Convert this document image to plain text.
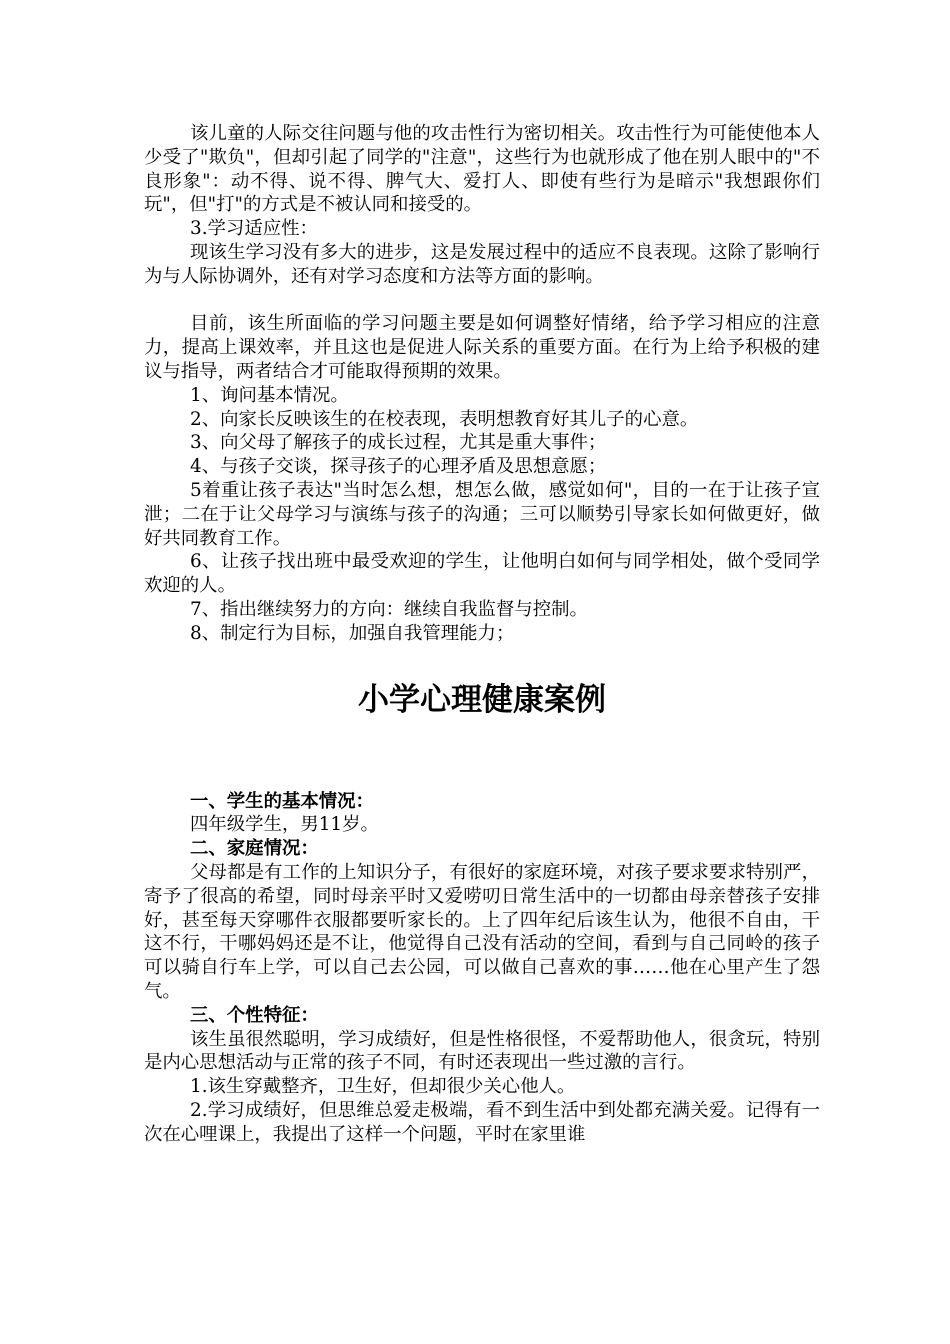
该儿童的人际交往问题与他的攻击性行为密切相关。攻击性行为可能使他本人少受了"欺负"，但却引起了同学的"注意"，这些行为也就形成了他在别人眼中的"不良形象"：动不得、说不得、脾气大、爱打人、即使有些行为是暗示"我想跟你们玩"，但"打"的方式是不被认同和接受的。

3.学习适应性：

现该生学习没有多大的进步，这是发展过程中的适应不良表现。这除了影响行为与人际协调外，还有对学习态度和方法等方面的影响。

目前，该生所面临的学习问题主要是如何调整好情绪，给予学习相应的注意力，提高上课效率，并且这也是促进人际关系的重要方面。在行为上给予积极的建议与指导，两者结合才可能取得预期的效果。

1、询问基本情况。

2、向家长反映该生的在校表现，表明想教育好其儿子的心意。

3、向父母了解孩子的成长过程，尤其是重大事件；

4、与孩子交谈，探寻孩子的心理矛盾及思想意愿；

5着重让孩子表达"当时怎么想，想怎么做，感觉如何"，目的一在于让孩子宣泄；二在于让父母学习与演练与孩子的沟通；三可以顺势引导家长如何做更好，做好共同教育工作。

6、让孩子找出班中最受欢迎的学生，让他明白如何与同学相处，做个受同学欢迎的人。

7、指出继续努力的方向：继续自我监督与控制。

8、制定行为目标，加强自我管理能力；

小学心理健康案例

一、学生的基本情况：

四年级学生，男11岁。

二、家庭情况：

父母都是有工作的上知识分子，有很好的家庭环境，对孩子要求要求特别严，寄予了很高的希望，同时母亲平时又爱唠叨日常生活中的一切都由母亲替孩子安排好，甚至每天穿哪件衣服都要听家长的。上了四年纪后该生认为，他很不自由，干这不行，干哪妈妈还是不让，他觉得自己没有活动的空间，看到与自己同岭的孩子可以骑自行车上学，可以自己去公园，可以做自己喜欢的事……他在心里产生了怨气。

三、个性特征：

该生虽很然聪明，学习成绩好，但是性格很怪，不爱帮助他人，很贪玩，特别是内心思想活动与正常的孩子不同，有时还表现出一些过激的言行。

1.该生穿戴整齐，卫生好，但却很少关心他人。

2.学习成绩好，但思维总爱走极端，看不到生活中到处都充满关爱。记得有一次在心哩课上，我提出了这样一个问题，平时在家里谁
